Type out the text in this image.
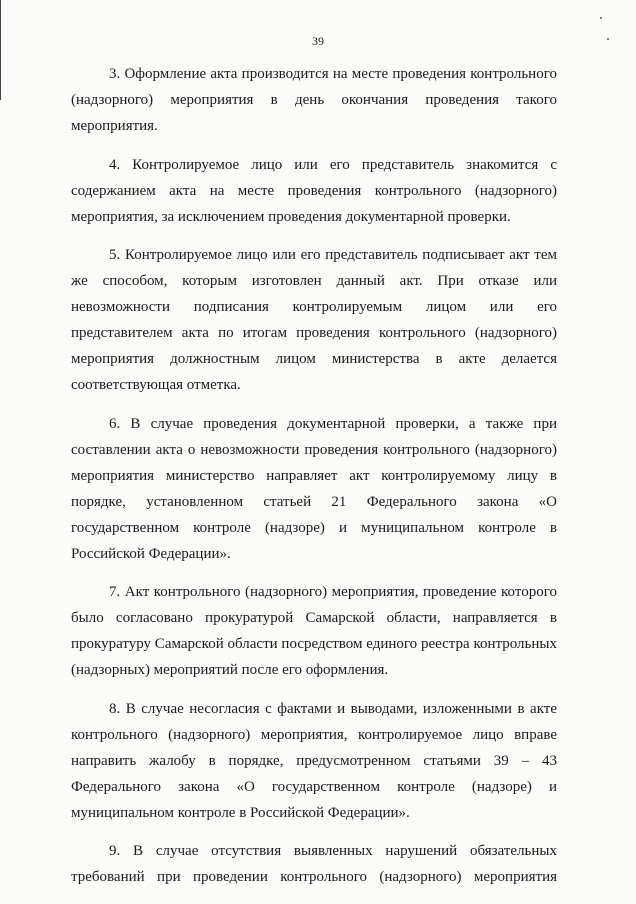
39

3. Оформление акта производится на месте проведения контрольного (надзорного) мероприятия в день окончания проведения такого мероприятия.

4. Контролируемое лицо или его представитель знакомится с содержанием акта на месте проведения контрольного (надзорного) мероприятия, за исключением проведения документарной проверки.

5. Контролируемое лицо или его представитель подписывает акт тем же способом, которым изготовлен данный акт. При отказе или невозможности подписания контролируемым лицом или его представителем акта по итогам проведения контрольного (надзорного) мероприятия должностным лицом министерства в акте делается соответствующая отметка.

6. В случае проведения документарной проверки, а также при составлении акта о невозможности проведения контрольного (надзорного) мероприятия министерство направляет акт контролируемому лицу в порядке, установленном статьей 21 Федерального закона «О государственном контроле (надзоре) и муниципальном контроле в Российской Федерации».

7. Акт контрольного (надзорного) мероприятия, проведение которого было согласовано прокуратурой Самарской области, направляется в прокуратуру Самарской области посредством единого реестра контрольных (надзорных) мероприятий после его оформления.

8. В случае несогласия с фактами и выводами, изложенными в акте контрольного (надзорного) мероприятия, контролируемое лицо вправе направить жалобу в порядке, предусмотренном статьями 39 – 43 Федерального закона «О государственном контроле (надзоре) и муниципальном контроле в Российской Федерации».

9. В случае отсутствия выявленных нарушений обязательных требований при проведении контрольного (надзорного) мероприятия
